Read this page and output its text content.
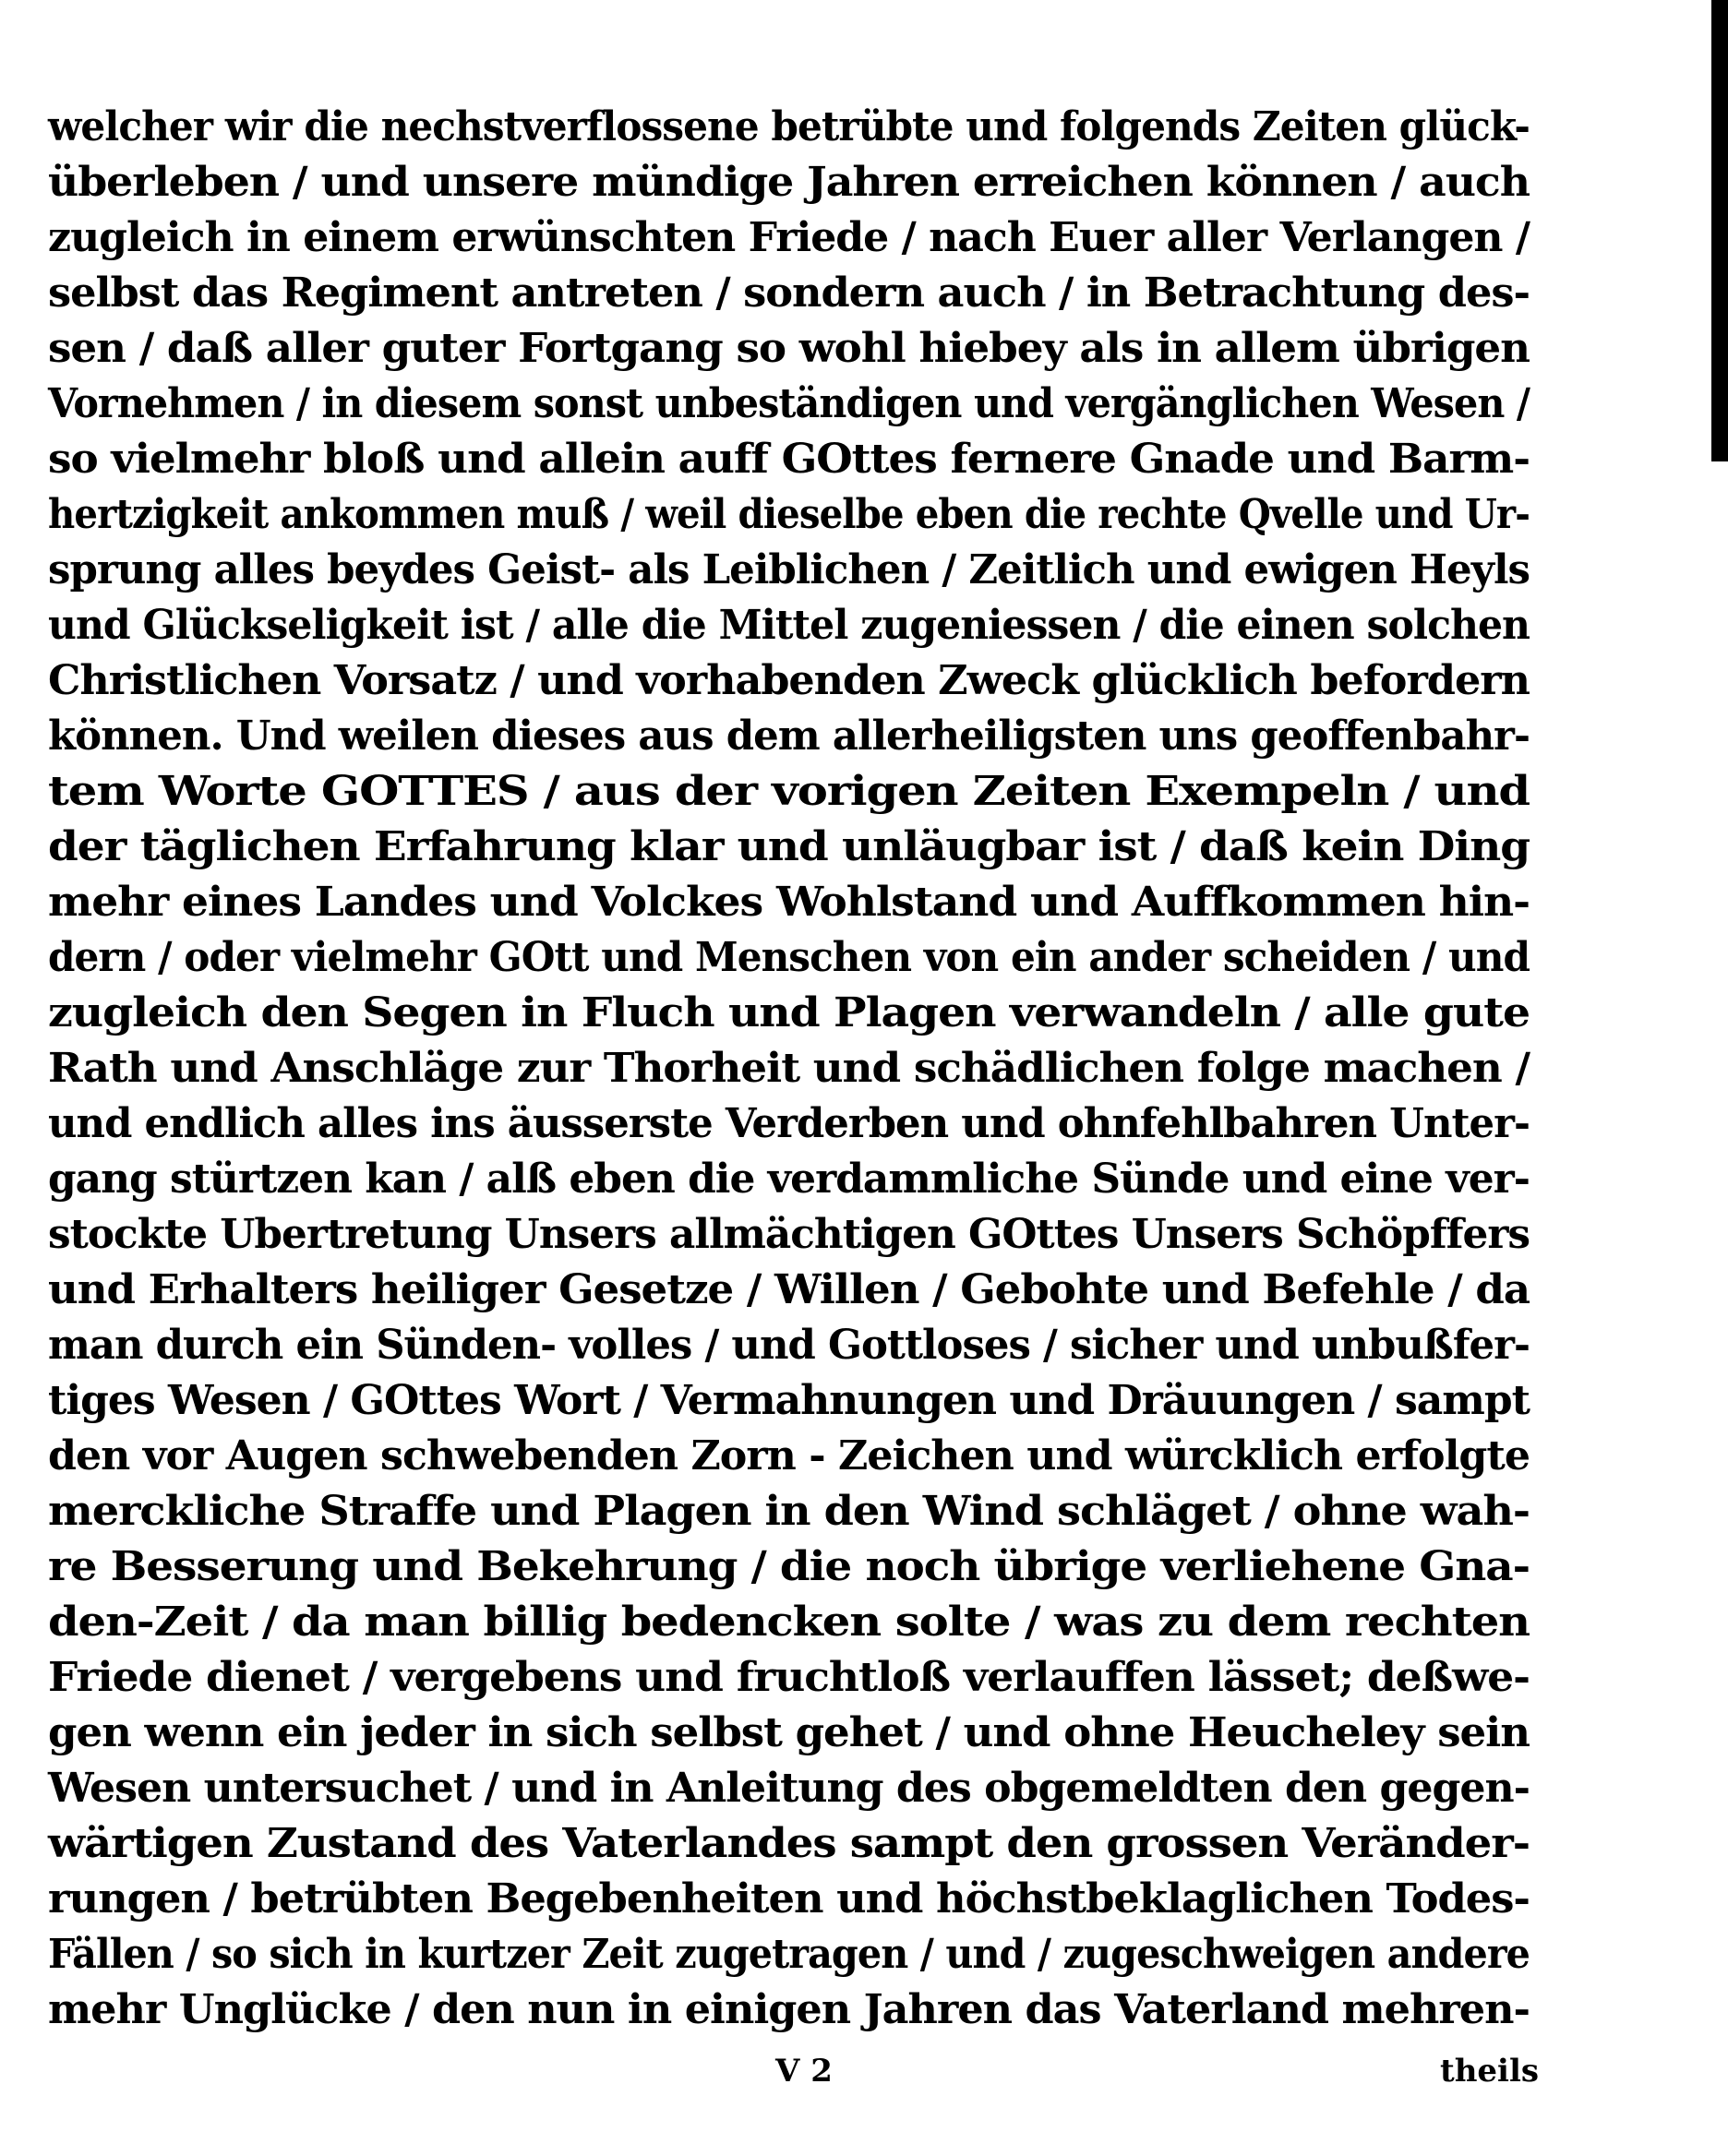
welcher wir die nechstverflossene betrübte und folgends Zeiten glück-
überleben / und unsere mündige Jahren erreichen können / auch
zugleich in einem erwünschten Friede / nach Euer aller Verlangen /
selbst das Regiment antreten / sondern auch / in Betrachtung des-
sen / daß aller guter Fortgang so wohl hiebey als in allem übrigen
Vornehmen / in diesem sonst unbeständigen und vergänglichen Wesen /
so vielmehr bloß und allein auff GOttes fernere Gnade und Barm-
hertzigkeit ankommen muß / weil dieselbe eben die rechte Qvelle und Ur-
sprung alles beydes Geist- als Leiblichen / Zeitlich und ewigen Heyls
und Glückseligkeit ist / alle die Mittel zugeniessen / die einen solchen
Christlichen Vorsatz / und vorhabenden Zweck glücklich befordern
können. Und weilen dieses aus dem allerheiligsten uns geoffenbahr-
tem Worte GOTTES / aus der vorigen Zeiten Exempeln / und
der täglichen Erfahrung klar und unläugbar ist / daß kein Ding
mehr eines Landes und Volckes Wohlstand und Auffkommen hin-
dern / oder vielmehr GOtt und Menschen von ein ander scheiden / und
zugleich den Segen in Fluch und Plagen verwandeln / alle gute
Rath und Anschläge zur Thorheit und schädlichen folge machen /
und endlich alles ins äusserste Verderben und ohnfehlbahren Unter-
gang stürtzen kan / alß eben die verdammliche Sünde und eine ver-
stockte Ubertretung Unsers allmächtigen GOttes Unsers Schöpffers
und Erhalters heiliger Gesetze / Willen / Gebohte und Befehle / da
man durch ein Sünden- volles / und Gottloses / sicher und unbußfer-
tiges Wesen / GOttes Wort / Vermahnungen und Dräuungen / sampt
den vor Augen schwebenden Zorn - Zeichen und würcklich erfolgte
merckliche Straffe und Plagen in den Wind schläget / ohne wah-
re Besserung und Bekehrung / die noch übrige verliehene Gna-
den-Zeit / da man billig bedencken solte / was zu dem rechten
Friede dienet / vergebens und fruchtloß verlauffen lässet; deßwe-
gen wenn ein jeder in sich selbst gehet / und ohne Heucheley sein
Wesen untersuchet / und in Anleitung des obgemeldten den gegen-
wärtigen Zustand des Vaterlandes sampt den grossen Veränder-
rungen / betrübten Begebenheiten und höchstbeklaglichen Todes-
Fällen / so sich in kurtzer Zeit zugetragen / und / zugeschweigen andere
mehr Unglücke / den nun in einigen Jahren das Vaterland mehren-
V 2	theils
